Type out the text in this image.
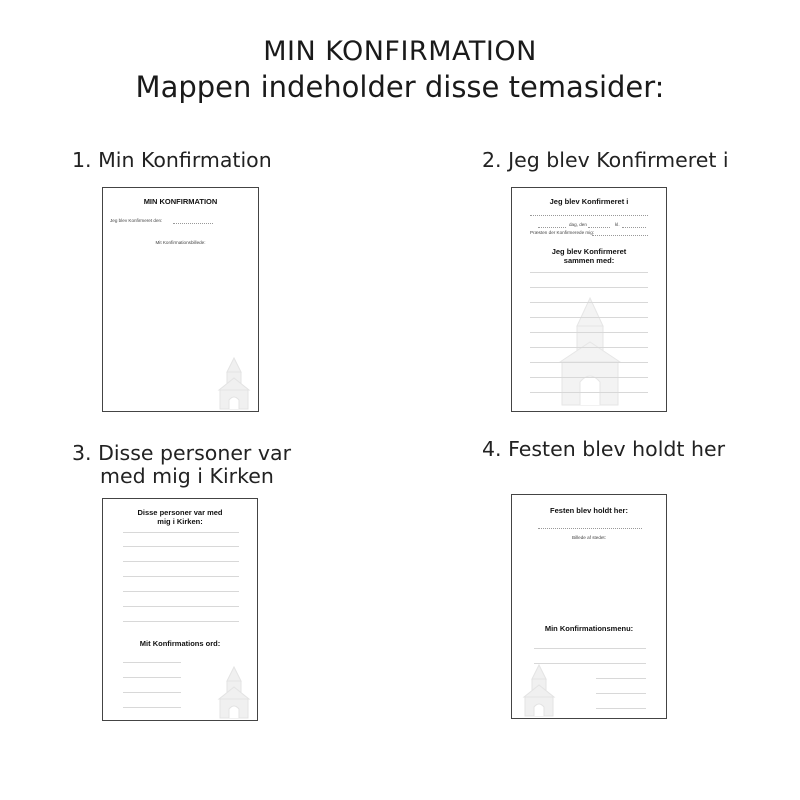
MIN KONFIRMATION
Mappen indeholder disse temasider:
1. Min Konfirmation
MIN KONFIRMATION
Jeg blev Konfirmeret den:
Mit Konfirmationsbillede:
2. Jeg blev Konfirmeret i
Jeg blev Konfirmeret i
dag, den	kl.
Præsten der Konfirmerede mig:
Jeg blev Konfirmeret
sammen med:
3. Disse personer var
med mig i Kirken
Disse personer var med
mig i Kirken:
Mit Konfirmations ord:
4. Festen blev holdt her
Festen blev holdt her:
Billede af stedet:
Min Konfirmationsmenu:
